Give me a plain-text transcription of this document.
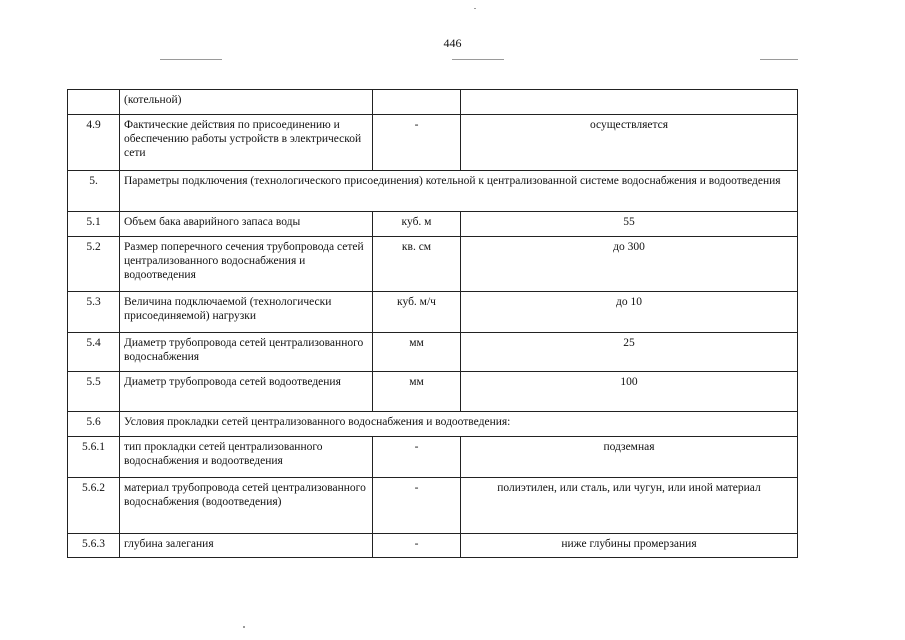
446
	(котельной)		
4.9	Фактические действия по присоединению и обеспечению работы устройств в электрической сети	-	осуществляется
5.	Параметры подключения (технологического присоединения) котельной к централизованной системе водоснабжения и водоотведения		
5.1	Объем бака аварийного запаса воды	куб. м	55
5.2	Размер поперечного сечения трубопровода сетей централизованного водоснабжения и водоотведения	кв. см	до 300
5.3	Величина подключаемой (технологически присоединяемой) нагрузки	куб. м/ч	до 10
5.4	Диаметр трубопровода сетей централизованного водоснабжения	мм	25
5.5	Диаметр трубопровода сетей водоотведения	мм	100
5.6	Условия прокладки сетей централизованного водоснабжения и водоотведения:		
5.6.1	тип прокладки сетей централизованного водоснабжения и водоотведения	-	подземная
5.6.2	материал трубопровода сетей централизованного водоснабжения (водоотведения)	-	полиэтилен, или сталь, или чугун, или иной материал
5.6.3	глубина залегания	-	ниже глубины промерзания
